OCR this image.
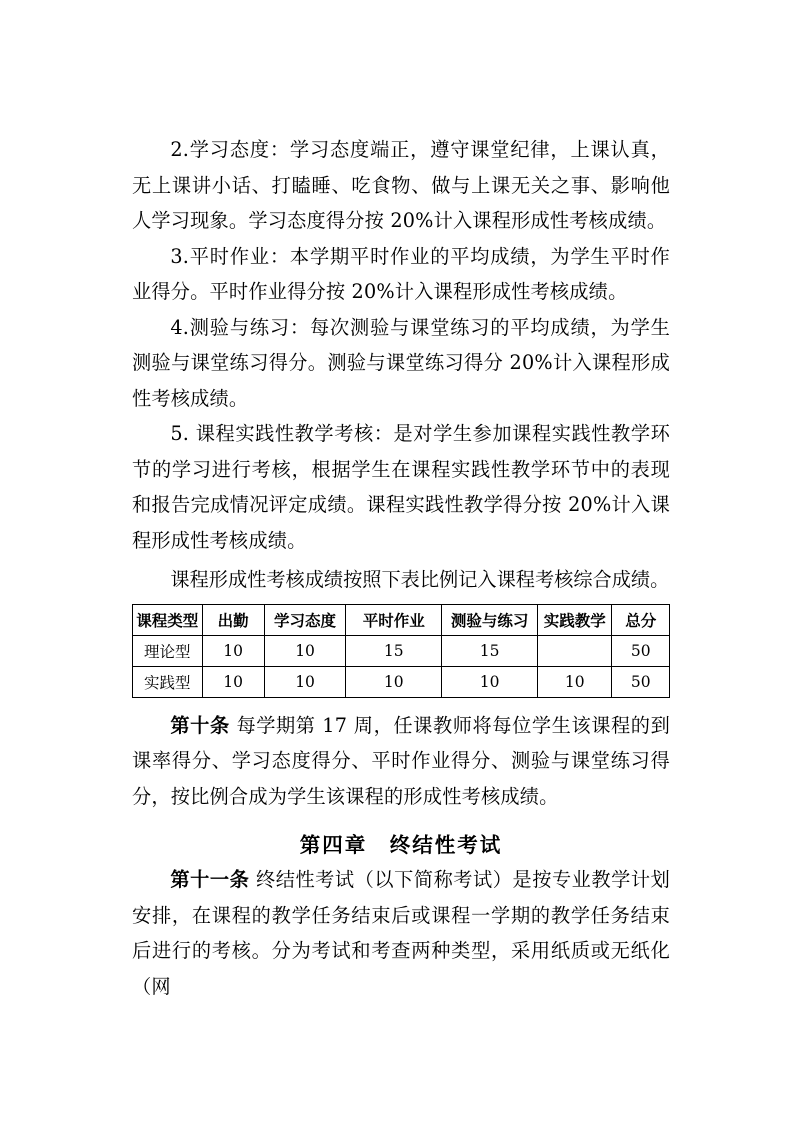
2.学习态度：学习态度端正，遵守课堂纪律，上课认真，无上课讲小话、打瞌睡、吃食物、做与上课无关之事、影响他人学习现象。学习态度得分按 20%计入课程形成性考核成绩。

3.平时作业：本学期平时作业的平均成绩，为学生平时作业得分。平时作业得分按 20%计入课程形成性考核成绩。

4.测验与练习：每次测验与课堂练习的平均成绩，为学生测验与课堂练习得分。测验与课堂练习得分 20%计入课程形成性考核成绩。

5. 课程实践性教学考核：是对学生参加课程实践性教学环节的学习进行考核，根据学生在课程实践性教学环节中的表现和报告完成情况评定成绩。课程实践性教学得分按 20%计入课程形成性考核成绩。

课程形成性考核成绩按照下表比例记入课程考核综合成绩。

课程类型	出勤	学习态度	平时作业	测验与练习	实践教学	总分
理论型	10	10	15	15		50
实践型	10	10	10	10	10	50

第十条 每学期第 17 周，任课教师将每位学生该课程的到课率得分、学习态度得分、平时作业得分、测验与课堂练习得分，按比例合成为学生该课程的形成性考核成绩。

第四章　终结性考试

第十一条 终结性考试（以下简称考试）是按专业教学计划安排，在课程的教学任务结束后或课程一学期的教学任务结束后进行的考核。分为考试和考查两种类型，采用纸质或无纸化（网
